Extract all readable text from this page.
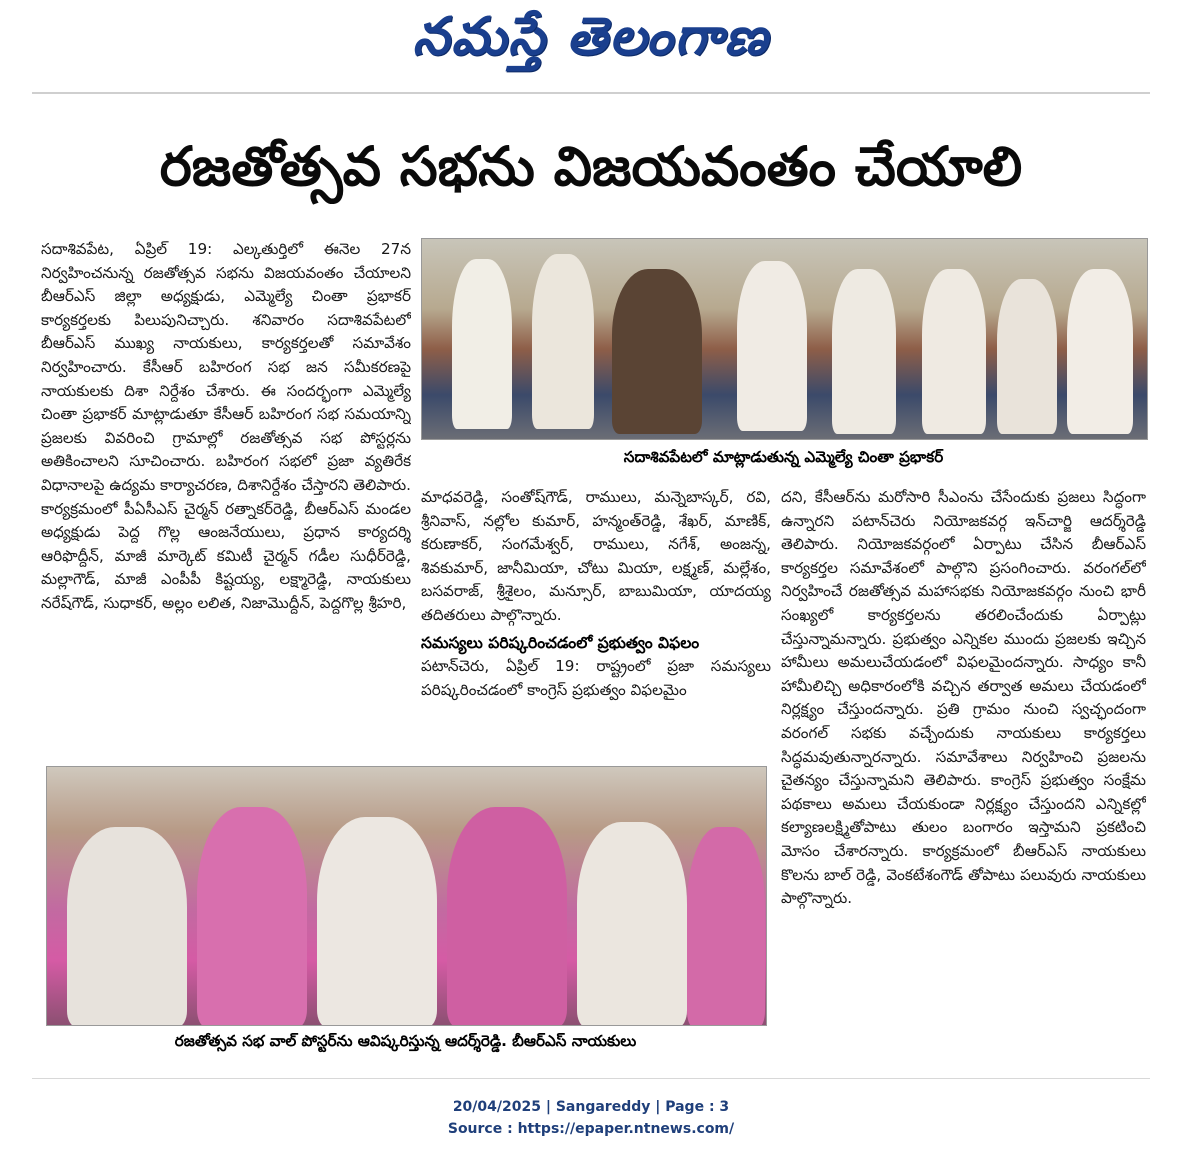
నమస్తే తెలంగాణ
రజతోత్సవ సభను విజయవంతం చేయాలి
సదాశివపేట, ఏప్రిల్ 19: ఎల్కతుర్తిలో ఈనెల 27న నిర్వహించనున్న రజతోత్సవ సభను విజయవంతం చేయాలని బీఆర్ఎస్ జిల్లా అధ్యక్షుడు, ఎమ్మెల్యే చింతా ప్రభాకర్ కార్యకర్తలకు పిలుపునిచ్చారు. శనివారం సదాశివపేటలో బీఆర్ఎస్ ముఖ్య నాయకులు, కార్యకర్తలతో సమావేశం నిర్వహించారు. కేసీఆర్ బహిరంగ సభ జన సమీకరణపై నాయకులకు దిశా నిర్దేశం చేశారు. ఈ సందర్భంగా ఎమ్మెల్యే చింతా ప్రభాకర్ మాట్లాడుతూ కేసీఆర్ బహిరంగ సభ సమయాన్ని ప్రజలకు వివరించి గ్రామాల్లో రజతోత్సవ సభ పోస్టర్లను అతికించాలని సూచించారు. బహిరంగ సభలో ప్రజా వ్యతిరేక విధానాలపై ఉద్యమ కార్యాచరణ, దిశానిర్దేశం చేస్తారని తెలిపారు. కార్యక్రమంలో పీఏసీఎస్ చైర్మన్ రత్నాకర్‌రెడ్డి, బీఆర్ఎస్ మండల అధ్యక్షుడు పెద్ద గొల్ల ఆంజనేయులు, ప్రధాన కార్యదర్శి ఆరిఫొద్దీన్, మాజీ మార్కెట్ కమిటీ చైర్మన్ గడీల సుధీర్‌రెడ్డి, మల్లాగౌడ్, మాజీ ఎంపీపీ కిష్టయ్య, లక్ష్మారెడ్డి, నాయకులు నరేష్‌గౌడ్, సుధాకర్, అల్లం లలిత, నిజామొద్దీన్, పెద్దగొల్ల శ్రీహరి,
సదాశివపేటలో మాట్లాడుతున్న ఎమ్మెల్యే చింతా ప్రభాకర్
మాధవరెడ్డి, సంతోష్‌గౌడ్, రాములు, మన్నెబాస్కర్, రవి, శ్రీనివాస్, నల్లోల కుమార్, హన్మంత్‌రెడ్డి, శేఖర్, మాణిక్, కరుణాకర్, సంగమేశ్వర్, రాములు, నగేశ్, అంజన్న, శివకుమార్, జానీమియా, చోటు మియా, లక్ష్మణ్, మల్లేశం, బసవరాజ్, శ్రీశైలం, మన్సూర్, బాబుమియా, యాదయ్య తదితరులు పాల్గొన్నారు.
సమస్యలు పరిష్కరించడంలో ప్రభుత్వం విఫలం
పటాన్‌చెరు, ఏప్రిల్ 19: రాష్ట్రంలో ప్రజా సమస్యలు పరిష్కరించడంలో కాంగ్రెస్ ప్రభుత్వం విఫలమైం
దని, కేసీఆర్‌ను మరోసారి సీఎంను చేసేందుకు ప్రజలు సిద్ధంగా ఉన్నారని పటాన్‌చెరు నియోజకవర్గ ఇన్‌చార్జి ఆదర్శ్‌రెడ్డి తెలిపారు. నియోజకవర్గంలో ఏర్పాటు చేసిన బీఆర్ఎస్ కార్యకర్తల సమావేశంలో పాల్గొని ప్రసంగించారు. వరంగల్‌లో నిర్వహించే రజతోత్సవ మహాసభకు నియోజకవర్గం నుంచి భారీ సంఖ్యలో కార్యకర్తలను తరలించేందుకు ఏర్పాట్లు చేస్తున్నామన్నారు. ప్రభుత్వం ఎన్నికల ముందు ప్రజలకు ఇచ్చిన హామీలు అమలుచేయడంలో విఫలమైందన్నారు. సాధ్యం కానీ హామీలిచ్చి అధికారంలోకి వచ్చిన తర్వాత అమలు చేయడంలో నిర్లక్ష్యం చేస్తుందన్నారు. ప్రతి గ్రామం నుంచి స్వచ్ఛందంగా వరంగల్ సభకు వచ్చేందుకు నాయకులు కార్యకర్తలు సిద్ధమవుతున్నారన్నారు. సమావేశాలు నిర్వహించి ప్రజలను చైతన్యం చేస్తున్నామని తెలిపారు. కాంగ్రెస్ ప్రభుత్వం సంక్షేమ పథకాలు అమలు చేయకుండా నిర్లక్ష్యం చేస్తుందని ఎన్నికల్లో కల్యాణలక్ష్మితోపాటు తులం బంగారం ఇస్తామని ప్రకటించి మోసం చేశారన్నారు. కార్యక్రమంలో బీఆర్ఎస్ నాయకులు కొలను బాల్ రెడ్డి, వెంకటేశంగౌడ్ తోపాటు పలువురు నాయకులు పాల్గొన్నారు.
రజతోత్సవ సభ వాల్ పోస్టర్‌ను ఆవిష్కరిస్తున్న ఆదర్శ్‌రెడ్డి. బీఆర్ఎస్ నాయకులు
20/04/2025 | Sangareddy | Page : 3
Source : https://epaper.ntnews.com/
